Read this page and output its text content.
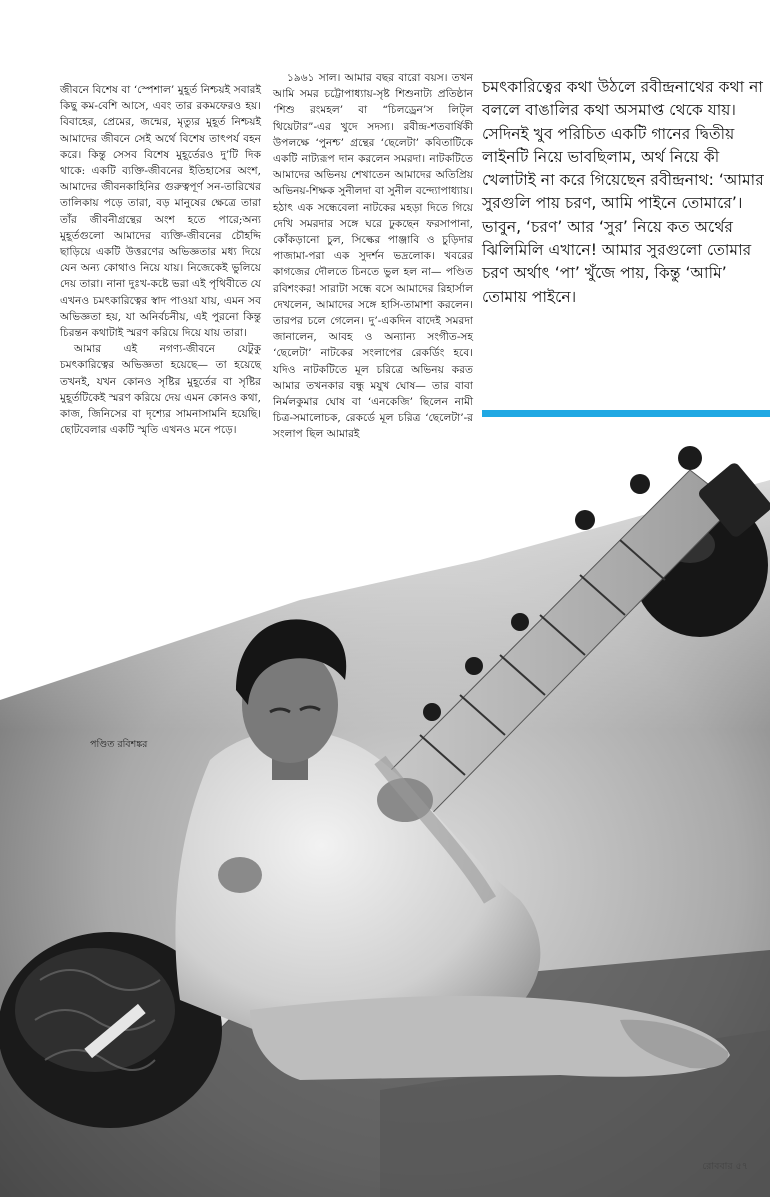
জীবনে বিশেষ বা ‘স্পেশাল’ মুহূর্ত নিশ্চয়ই সবারই কিছু কম-বেশি আসে, এবং তার রকমফেরও হয়। বিবাহের, প্রেমের, জন্মের, মৃত্যুর মুহূর্ত নিশ্চয়ই আমাদের জীবনে সেই অর্থে বিশেষ তাৎপর্য বহন করে। কিন্তু সেসব বিশেষ মুহূর্তেরও দু’টি দিক থাকে: একটি ব্যক্তি-জীবনের ইতিহাসের অংশ, আমাদের জীবনকাহিনির গুরুত্বপূর্ণ সন-তারিখের তালিকায় পড়ে তারা, বড় মানুষের ক্ষেত্রে তারা তাঁর জীবনীগ্রন্থের অংশ হতে পারে;অন্য মুহূর্তগুলো আমাদের ব্যক্তি-জীবনের চৌহদ্দি ছাড়িয়ে একটি উত্তরণের অভিজ্ঞতার মধ্য দিয়ে যেন অন্য কোথাও নিয়ে যায়। নিজেকেই ভুলিয়ে দেয় তারা। নানা দুঃখ-কষ্টে ভরা এই পৃথিবীতে যে এখনও চমৎকারিত্বের স্বাদ পাওয়া যায়, এমন সব অভিজ্ঞতা হয়, যা অনির্বচনীয়, এই পুরনো কিন্তু চিরন্তন কথাটাই স্মরণ করিয়ে দিয়ে যায় তারা।

আমার এই নগণ্য-জীবনে যেটুকু চমৎকারিত্বের অভিজ্ঞতা হয়েছে— তা হয়েছে তখনই, যখন কোনও সৃষ্টির মুহূর্তের বা সৃষ্টির মুহূর্তটিকেই স্মরণ করিয়ে দেয় এমন কোনও কথা, কাজ, জিনিসের বা দৃশ্যের সামনাসামনি হয়েছি। ছোটবেলার একটি স্মৃতি এখনও মনে পড়ে।

১৯৬১ সাল। আমার বছর বারো বয়স। তখন আমি সমর চট্টোপাধ্যায়-সৃষ্ট শিশুনাট্য প্রতিষ্ঠান ‘শিশু রংমহল’ বা “চিলড্রেন’স লিট্‌ল থিয়েটার”-এর খুদে সদস্য। রবীন্দ্র-শতবার্ষিকী উপলক্ষে ‘পুনশ্চ’ গ্রন্থের ‘ছেলেটা’ কবিতাটিকে একটি নাট্যরূপ দান করলেন সমরদা। নাটকটিতে আমাদের অভিনয় শেখাতেন আমাদের অতিপ্রিয় অভিনয়-শিক্ষক সুনীলদা বা সুনীল বন্দ্যোপাধ্যায়। হঠাৎ এক সন্ধেবেলা নাটকের মহড়া দিতে গিয়ে দেখি সমরদার সঙ্গে ঘরে ঢুকছেন ফরসাপানা, কোঁকড়ানো চুল, সিল্কের পাঞ্জাবি ও চুড়িদার পাজামা-পরা এক সুদর্শন ভদ্রলোক। খবরের কাগজের দৌলতে চিনতে ভুল হল না— পণ্ডিত রবিশংকর! সারাটা সন্ধে বসে আমাদের রিহার্সাল দেখলেন, আমাদের সঙ্গে হাসি-তামাশা করলেন। তারপর চলে গেলেন। দু’-একদিন বাদেই সমরদা জানালেন, আবহ ও অন্যান্য সংগীত-সহ ‘ছেলেটা’ নাটকের সংলাপের রেকর্ডিং হবে। যদিও নাটকটিতে মূল চরিত্রে অভিনয় করত আমার তখনকার বন্ধু মযুখ ঘোষ— তার বাবা নির্মলকুমার ঘোষ বা ‘এনকেজি’ ছিলেন নামী চিত্র-সমালোচক, রেকর্ডে মূল চরিত্র ‘ছেলেটা’-র সংলাপ ছিল আমারই

চমৎকারিত্বের কথা উঠলে রবীন্দ্রনাথের কথা না বললে বাঙালির কথা অসমাপ্ত থেকে যায়। সেদিনই খুব পরিচিত একটি গানের দ্বিতীয় লাইনটি নিয়ে ভাবছিলাম, অর্থ নিয়ে কী খেলাটাই না করে গিয়েছেন রবীন্দ্রনাথ: ‘আমার সুরগুলি পায় চরণ, আমি পাইনে তোমারে’। ভাবুন, ‘চরণ’ আর ‘সুর’ নিয়ে কত অর্থের ঝিলিমিলি এখানে! আমার সুরগুলো তোমার চরণ অর্থাৎ ‘পা’ খুঁজে পায়, কিন্তু ‘আমি’ তোমায় পাইনে।
পণ্ডিত রবিশঙ্কর
রোববার ৫৭
